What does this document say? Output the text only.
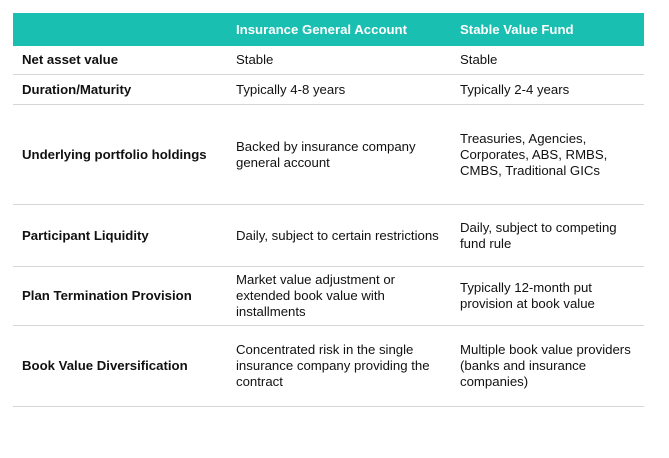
	Insurance General Account	Stable Value Fund
Net asset value	Stable	Stable
Duration/Maturity	Typically 4-8 years	Typically 2-4 years
Underlying portfolio holdings	Backed by insurance company general account	Treasuries, Agencies, Corporates, ABS, RMBS, CMBS, Traditional GICs
Participant Liquidity	Daily, subject to certain restrictions	Daily, subject to competing fund rule
Plan Termination Provision	Market value adjustment or extended book value with installments	Typically 12-month put provision at book value
Book Value Diversification	Concentrated risk in the single insurance company providing the contract	Multiple book value providers (banks and insurance companies)
